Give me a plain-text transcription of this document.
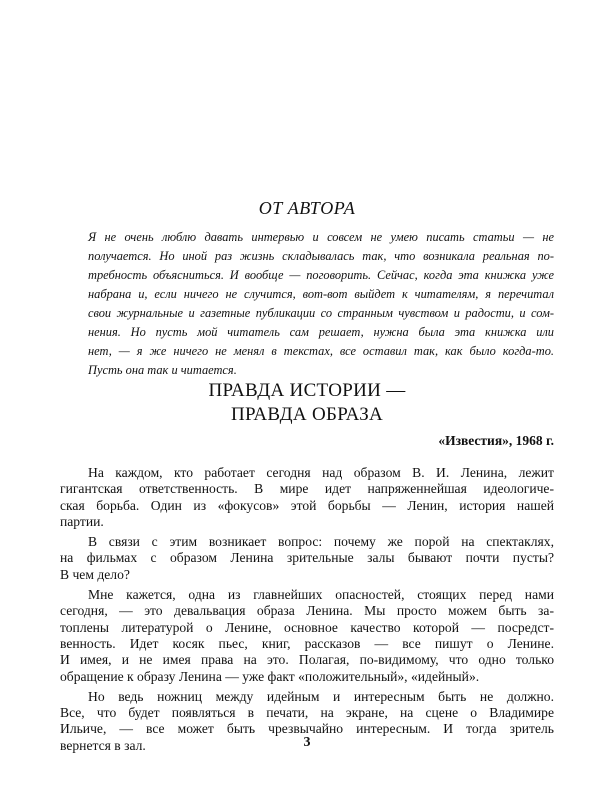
ОТ АВТОРА
Я не очень люблю давать интервью и совсем не умею писать статьи — не
получается. Но иной раз жизнь складывалась так, что возникала реальная по-
требность объясниться. И вообще — поговорить. Сейчас, когда эта книжка уже
набрана и, если ничего не случится, вот-вот выйдет к читателям, я перечитал
свои журнальные и газетные публикации со странным чувством и радости, и сом-
нения. Но пусть мой читатель сам решает, нужна была эта книжка или
нет, — я же ничего не менял в текстах, все оставил так, как было когда-то.
Пусть она так и читается.
ПРАВДА ИСТОРИИ —
ПРАВДА ОБРАЗА
«Известия», 1968 г.
На каждом, кто работает сегодня над образом В. И. Ленина, лежит
гигантская ответственность. В мире идет напряженнейшая идеологиче-
ская борьба. Один из «фокусов» этой борьбы — Ленин, история нашей
партии.
В связи с этим возникает вопрос: почему же порой на спектаклях,
на фильмах с образом Ленина зрительные залы бывают почти пусты?
В чем дело?
Мне кажется, одна из главнейших опасностей, стоящих перед нами
сегодня, — это девальвация образа Ленина. Мы просто можем быть за-
топлены литературой о Ленине, основное качество которой — посредст-
венность. Идет косяк пьес, книг, рассказов — все пишут о Ленине.
И имея, и не имея права на это. Полагая, по-видимому, что одно только
обращение к образу Ленина — уже факт «положительный», «идейный».
Но ведь ножниц между идейным и интересным быть не должно.
Все, что будет появляться в печати, на экране, на сцене о Владимире
Ильиче, — все может быть чрезвычайно интересным. И тогда зритель
вернется в зал.	3
